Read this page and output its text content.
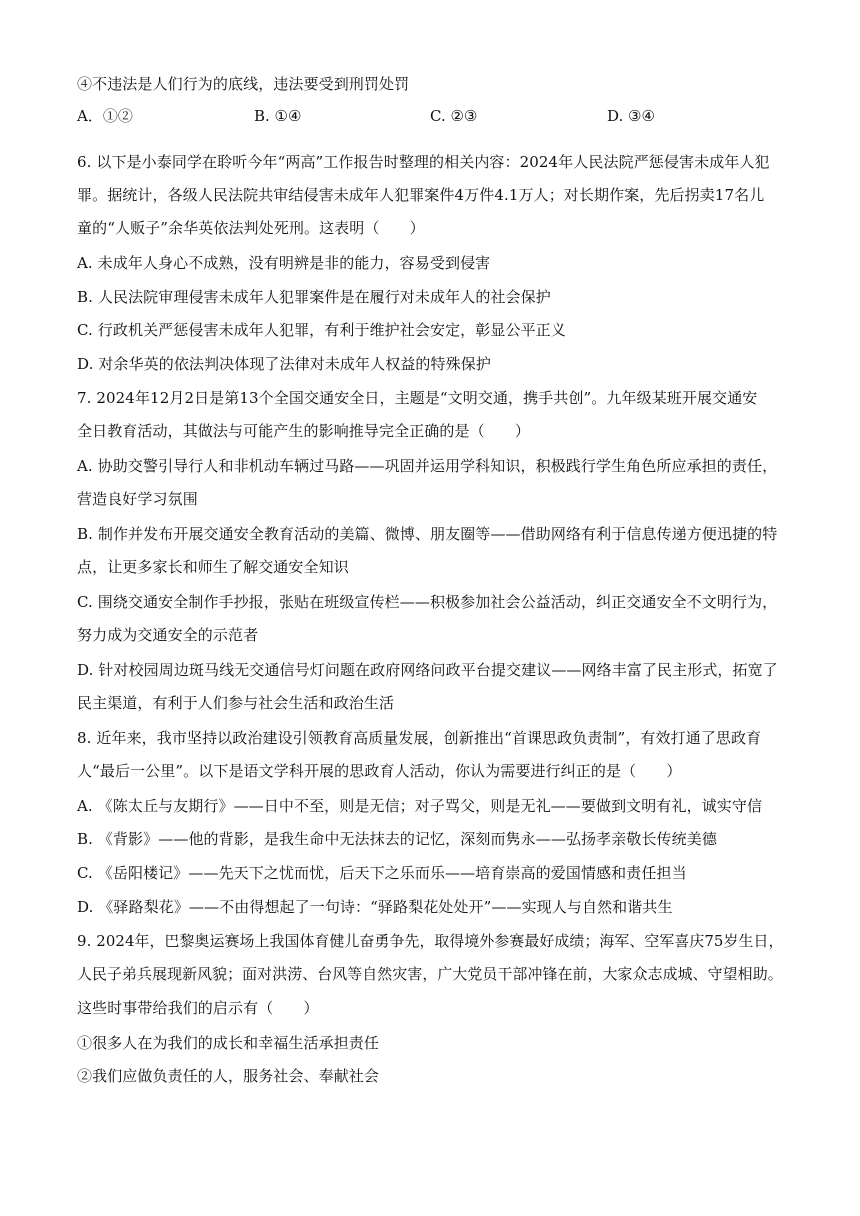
④不违法是人们行为的底线，违法要受到刑罚处罚
A．①②	B. ①④	C. ②③	D. ③④
6. 以下是小泰同学在聆听今年“两高”工作报告时整理的相关内容：2024年人民法院严惩侵害未成年人犯
罪。据统计，各级人民法院共审结侵害未成年人犯罪案件4万件4.1万人；对长期作案，先后拐卖17名儿
童的“人贩子”余华英依法判处死刑。这表明（　　）
A. 未成年人身心不成熟，没有明辨是非的能力，容易受到侵害
B. 人民法院审理侵害未成年人犯罪案件是在履行对未成年人的社会保护
C. 行政机关严惩侵害未成年人犯罪，有利于维护社会安定，彰显公平正义
D. 对余华英的依法判决体现了法律对未成年人权益的特殊保护
7. 2024年12月2日是第13个全国交通安全日，主题是“文明交通，携手共创”。九年级某班开展交通安
全日教育活动，其做法与可能产生的影响推导完全正确的是（　　）
A. 协助交警引导行人和非机动车辆过马路——巩固并运用学科知识，积极践行学生角色所应承担的责任，
营造良好学习氛围
B. 制作并发布开展交通安全教育活动的美篇、微博、朋友圈等——借助网络有利于信息传递方便迅捷的特
点，让更多家长和师生了解交通安全知识
C. 围绕交通安全制作手抄报，张贴在班级宣传栏——积极参加社会公益活动，纠正交通安全不文明行为，
努力成为交通安全的示范者
D. 针对校园周边斑马线无交通信号灯问题在政府网络问政平台提交建议——网络丰富了民主形式，拓宽了
民主渠道，有利于人们参与社会生活和政治生活
8. 近年来，我市坚持以政治建设引领教育高质量发展，创新推出“首课思政负责制”，有效打通了思政育
人“最后一公里”。以下是语文学科开展的思政育人活动，你认为需要进行纠正的是（　　）
A. 《陈太丘与友期行》——日中不至，则是无信；对子骂父，则是无礼——要做到文明有礼，诚实守信
B. 《背影》——他的背影，是我生命中无法抹去的记忆，深刻而隽永——弘扬孝亲敬长传统美德
C. 《岳阳楼记》——先天下之忧而忧，后天下之乐而乐——培育崇高的爱国情感和责任担当
D. 《驿路梨花》——不由得想起了一句诗：“驿路梨花处处开”——实现人与自然和谐共生
9. 2024年，巴黎奥运赛场上我国体育健儿奋勇争先，取得境外参赛最好成绩；海军、空军喜庆75岁生日，
人民子弟兵展现新风貌；面对洪涝、台风等自然灾害，广大党员干部冲锋在前，大家众志成城、守望相助。
这些时事带给我们的启示有（　　）
①很多人在为我们的成长和幸福生活承担责任
②我们应做负责任的人，服务社会、奉献社会
